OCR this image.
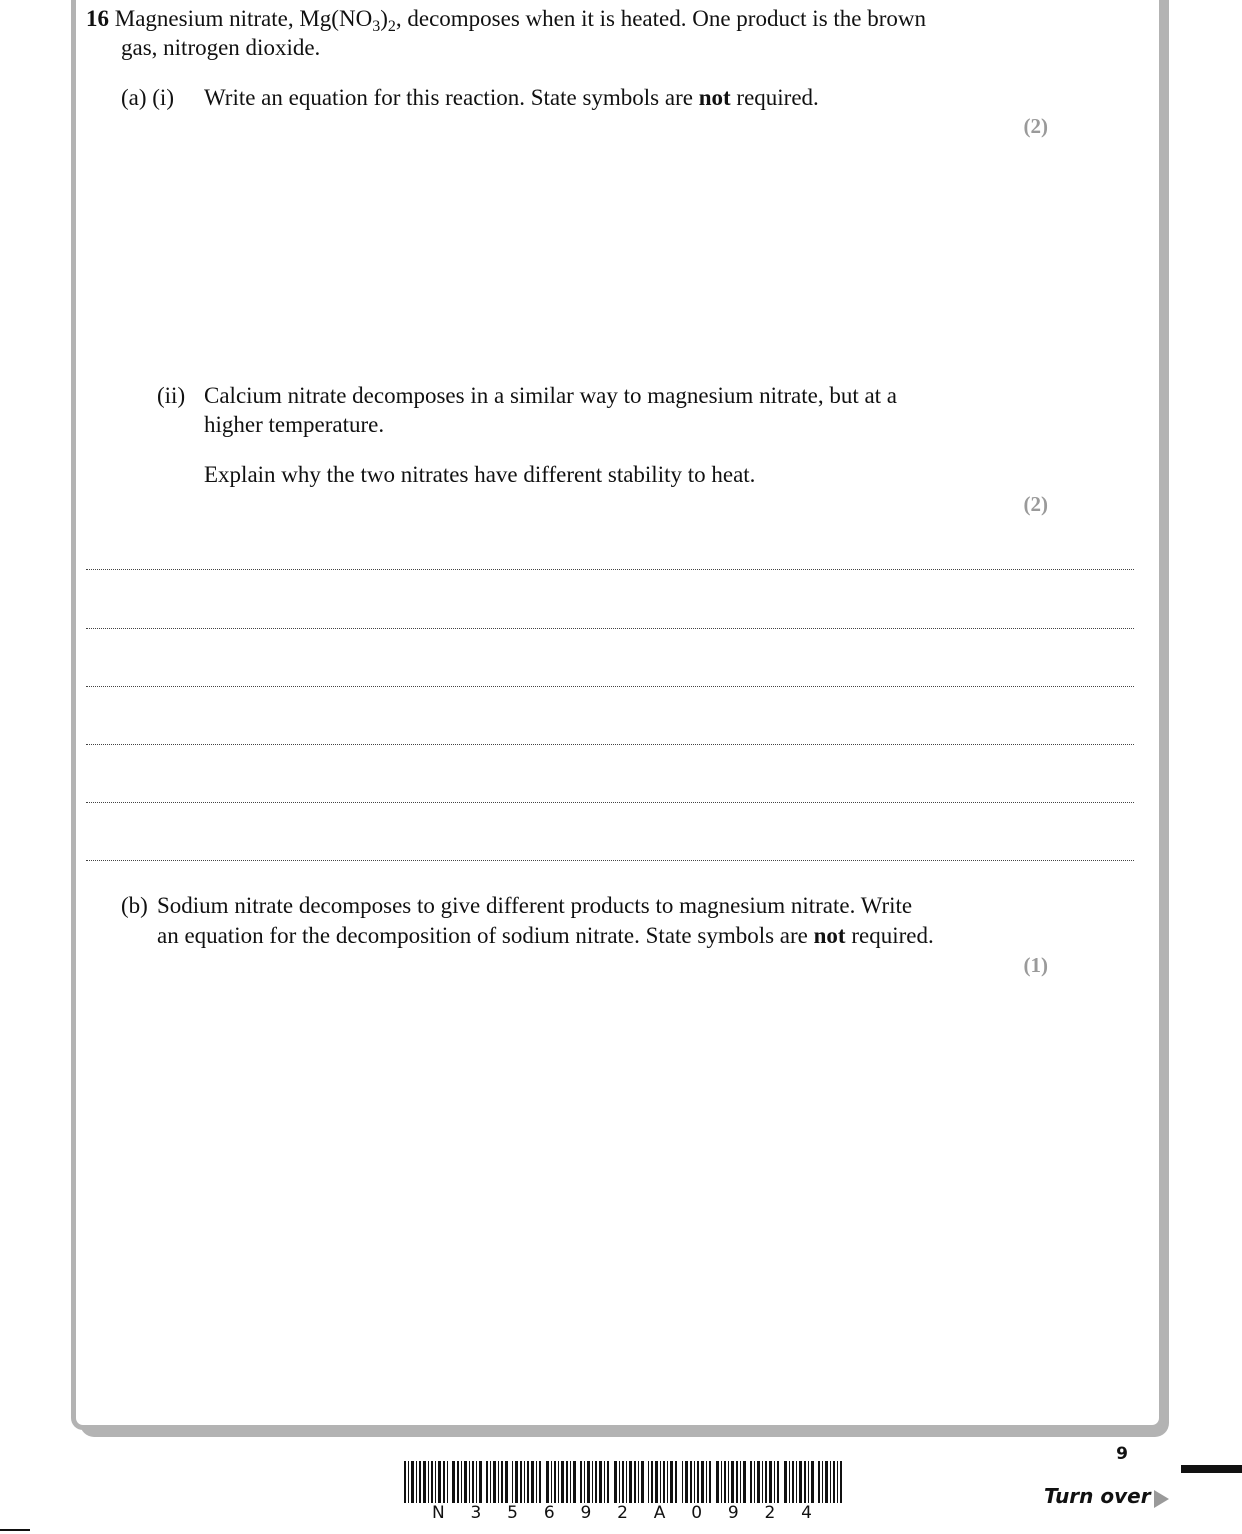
16 Magnesium nitrate, $Mg(NO_3)_2$, decomposes when it is heated. One product is the brown
gas, nitrogen dioxide.
(a) (i) Write an equation for this reaction. State symbols are not required.
(2)
(ii) Calcium nitrate decomposes in a similar way to magnesium nitrate, but at a
higher temperature.
Explain why the two nitrates have different stability to heat.
(2)
(b) Sodium nitrate decomposes to give different products to magnesium nitrate. Write
an equation for the decomposition of sodium nitrate. State symbols are not required.
(1)
9
N 3 5 6 9 2 A 0 9 2 4
Turn over
